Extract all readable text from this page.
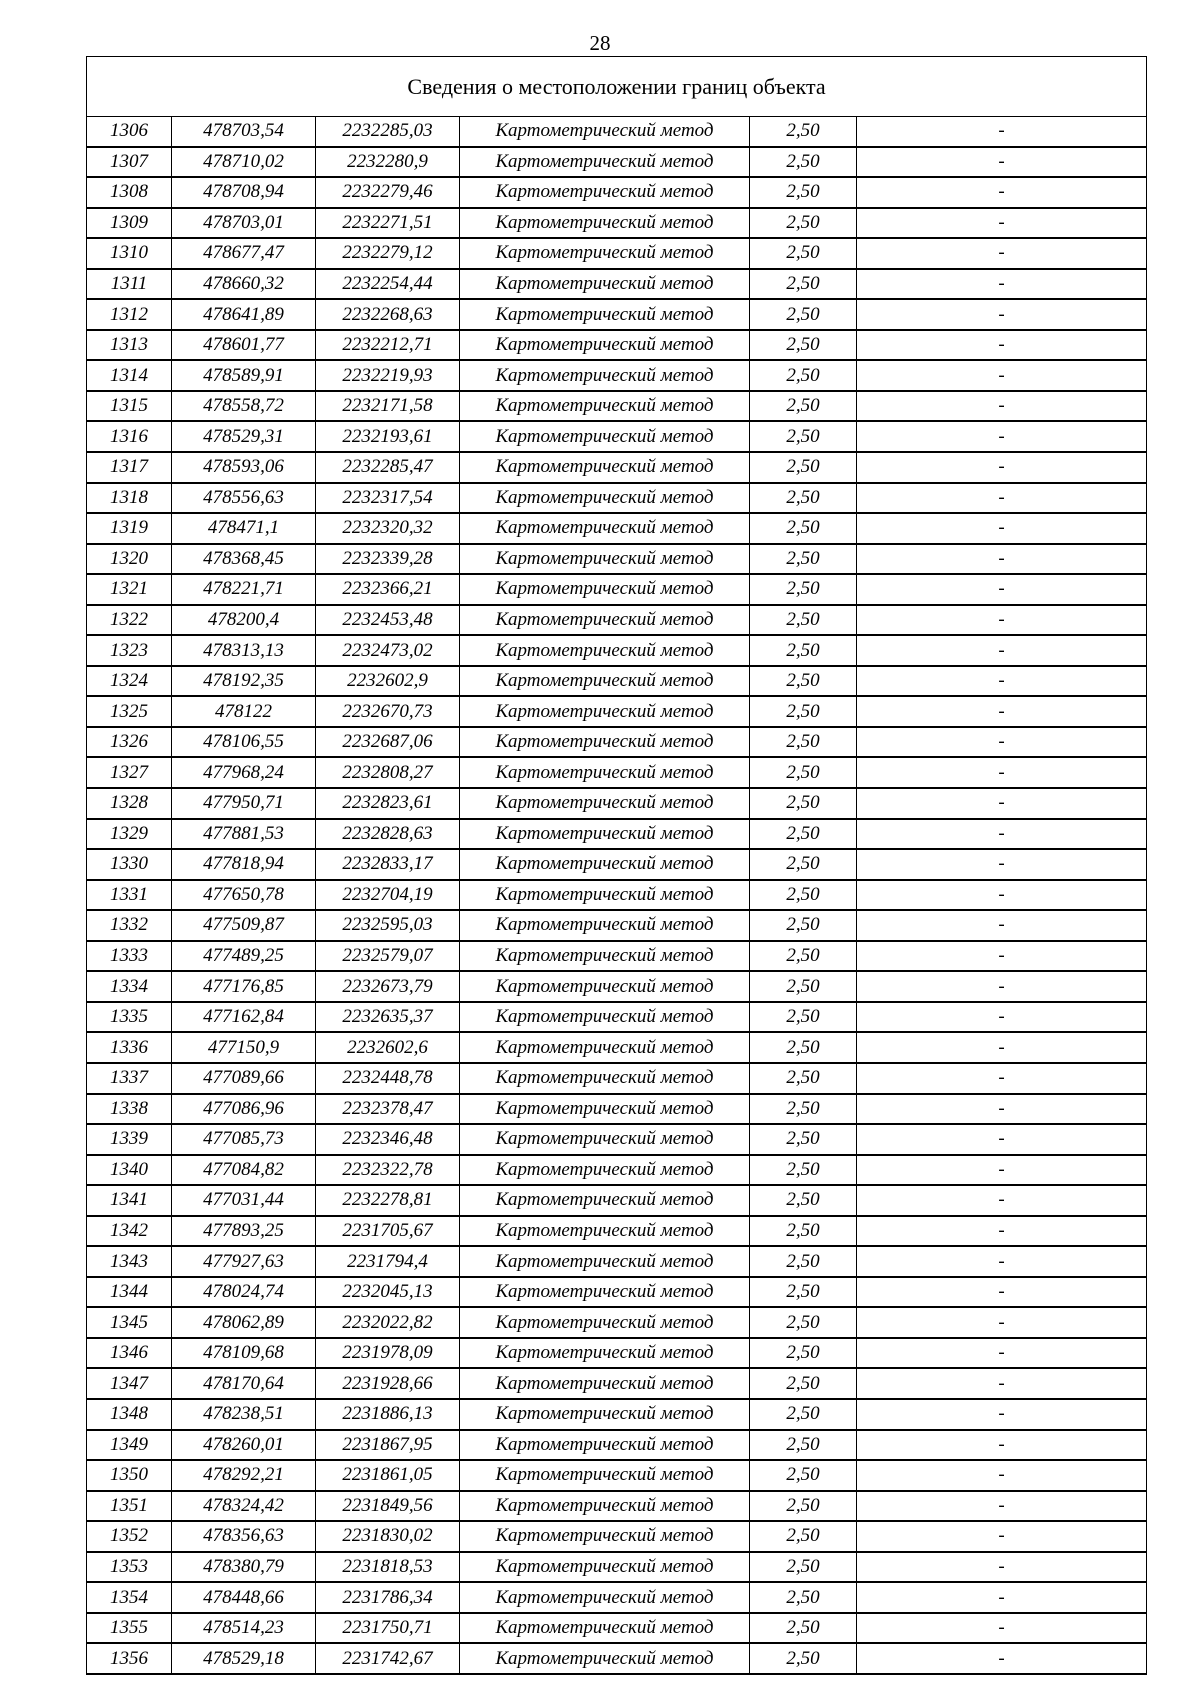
28
Сведения о местоположении границ объекта					
1306	478703,54	2232285,03	Картометрический метод	2,50	-
1307	478710,02	2232280,9	Картометрический метод	2,50	-
1308	478708,94	2232279,46	Картометрический метод	2,50	-
1309	478703,01	2232271,51	Картометрический метод	2,50	-
1310	478677,47	2232279,12	Картометрический метод	2,50	-
1311	478660,32	2232254,44	Картометрический метод	2,50	-
1312	478641,89	2232268,63	Картометрический метод	2,50	-
1313	478601,77	2232212,71	Картометрический метод	2,50	-
1314	478589,91	2232219,93	Картометрический метод	2,50	-
1315	478558,72	2232171,58	Картометрический метод	2,50	-
1316	478529,31	2232193,61	Картометрический метод	2,50	-
1317	478593,06	2232285,47	Картометрический метод	2,50	-
1318	478556,63	2232317,54	Картометрический метод	2,50	-
1319	478471,1	2232320,32	Картометрический метод	2,50	-
1320	478368,45	2232339,28	Картометрический метод	2,50	-
1321	478221,71	2232366,21	Картометрический метод	2,50	-
1322	478200,4	2232453,48	Картометрический метод	2,50	-
1323	478313,13	2232473,02	Картометрический метод	2,50	-
1324	478192,35	2232602,9	Картометрический метод	2,50	-
1325	478122	2232670,73	Картометрический метод	2,50	-
1326	478106,55	2232687,06	Картометрический метод	2,50	-
1327	477968,24	2232808,27	Картометрический метод	2,50	-
1328	477950,71	2232823,61	Картометрический метод	2,50	-
1329	477881,53	2232828,63	Картометрический метод	2,50	-
1330	477818,94	2232833,17	Картометрический метод	2,50	-
1331	477650,78	2232704,19	Картометрический метод	2,50	-
1332	477509,87	2232595,03	Картометрический метод	2,50	-
1333	477489,25	2232579,07	Картометрический метод	2,50	-
1334	477176,85	2232673,79	Картометрический метод	2,50	-
1335	477162,84	2232635,37	Картометрический метод	2,50	-
1336	477150,9	2232602,6	Картометрический метод	2,50	-
1337	477089,66	2232448,78	Картометрический метод	2,50	-
1338	477086,96	2232378,47	Картометрический метод	2,50	-
1339	477085,73	2232346,48	Картометрический метод	2,50	-
1340	477084,82	2232322,78	Картометрический метод	2,50	-
1341	477031,44	2232278,81	Картометрический метод	2,50	-
1342	477893,25	2231705,67	Картометрический метод	2,50	-
1343	477927,63	2231794,4	Картометрический метод	2,50	-
1344	478024,74	2232045,13	Картометрический метод	2,50	-
1345	478062,89	2232022,82	Картометрический метод	2,50	-
1346	478109,68	2231978,09	Картометрический метод	2,50	-
1347	478170,64	2231928,66	Картометрический метод	2,50	-
1348	478238,51	2231886,13	Картометрический метод	2,50	-
1349	478260,01	2231867,95	Картометрический метод	2,50	-
1350	478292,21	2231861,05	Картометрический метод	2,50	-
1351	478324,42	2231849,56	Картометрический метод	2,50	-
1352	478356,63	2231830,02	Картометрический метод	2,50	-
1353	478380,79	2231818,53	Картометрический метод	2,50	-
1354	478448,66	2231786,34	Картометрический метод	2,50	-
1355	478514,23	2231750,71	Картометрический метод	2,50	-
1356	478529,18	2231742,67	Картометрический метод	2,50	-
